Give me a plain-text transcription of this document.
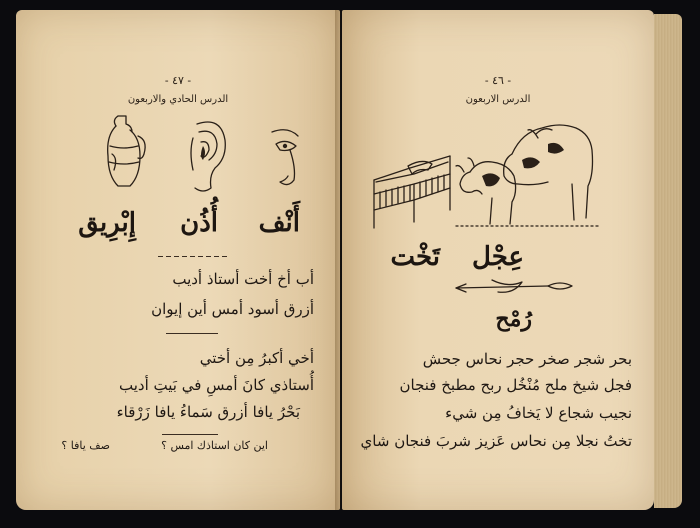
- ٤٧ -
الدرس الحادي والاربعون
أَنْف
أُذُن
إِبْرِيق
أب أخ أخت أستاذ أديب
أزرق أسود أمس أين إيوان
أخي أكبرُ مِن أختي
أُستاذي كانَ أمسِ في بَيتِ أديب
بَحْرُ يافا أزرق سَماءُ يافا زَرْقاء
اين كان استاذك امس ؟
صف يافا ؟
- ٤٦ -
الدرس الاربعون
عِجْل
تَخْت
رُمْح
بحر شجر صخر حجر نحاس جحش
فجل شيخ ملح مُنْخُل ربح مطبخ فنجان
نجيب شجاع لا يَخافُ مِن شيء
تختُ نجلا مِن نحاس عَزيز شربَ فنجان شاي
